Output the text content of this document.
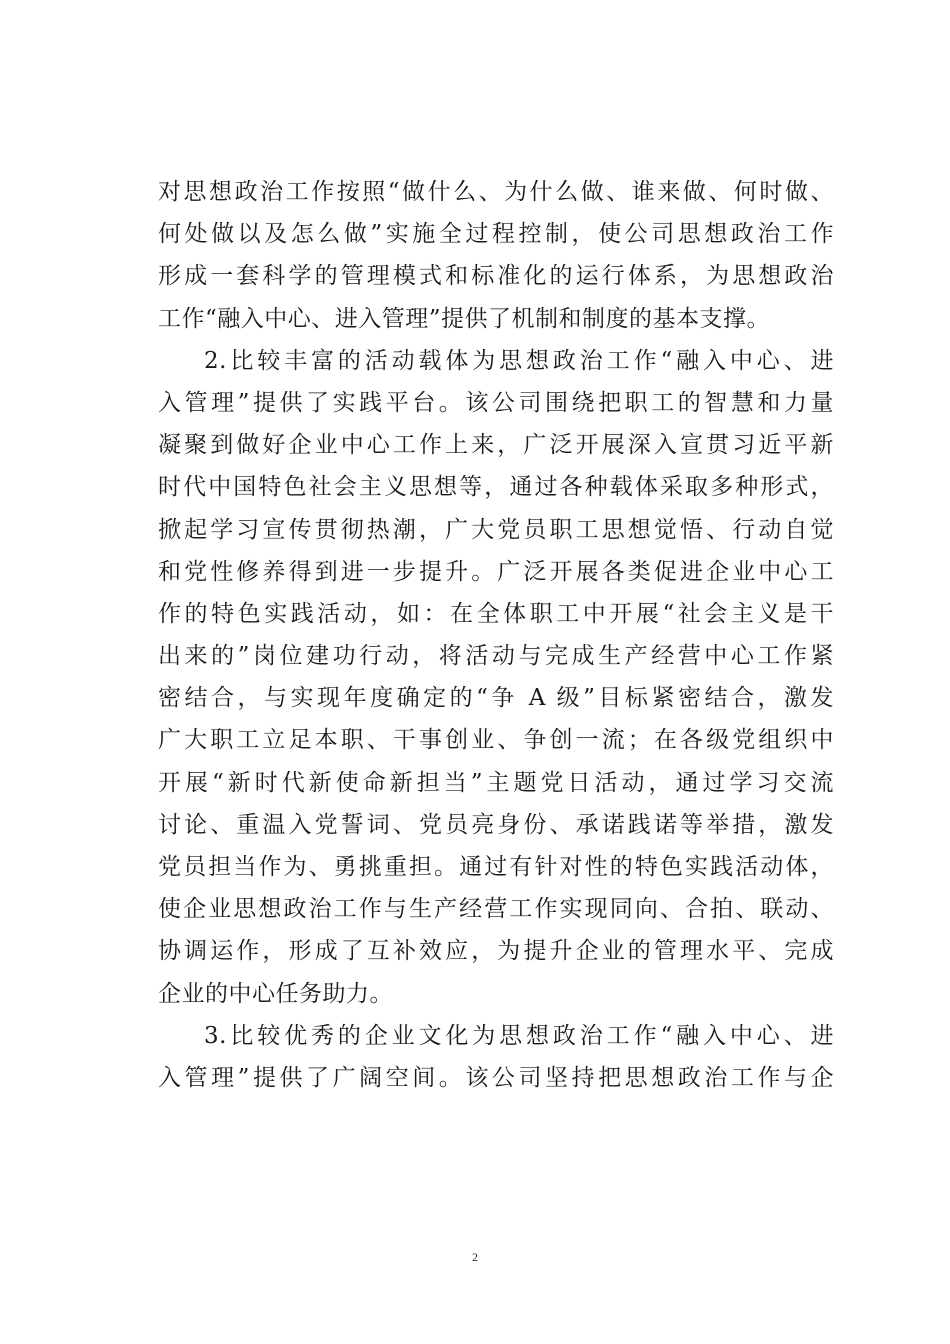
对思想政治工作按照“做什么、为什么做、谁来做、何时做、
何处做以及怎么做”实施全过程控制，使公司思想政治工作
形成一套科学的管理模式和标准化的运行体系，为思想政治
工作“融入中心、进入管理”提供了机制和制度的基本支撑。
2.比较丰富的活动载体为思想政治工作“融入中心、进
入管理”提供了实践平台。该公司围绕把职工的智慧和力量
凝聚到做好企业中心工作上来，广泛开展深入宣贯习近平新
时代中国特色社会主义思想等，通过各种载体采取多种形式，
掀起学习宣传贯彻热潮，广大党员职工思想觉悟、行动自觉
和党性修养得到进一步提升。广泛开展各类促进企业中心工
作的特色实践活动，如：在全体职工中开展“社会主义是干
出来的”岗位建功行动，将活动与完成生产经营中心工作紧
密结合，与实现年度确定的“争 A 级”目标紧密结合，激发
广大职工立足本职、干事创业、争创一流；在各级党组织中
开展“新时代新使命新担当”主题党日活动，通过学习交流
讨论、重温入党誓词、党员亮身份、承诺践诺等举措，激发
党员担当作为、勇挑重担。通过有针对性的特色实践活动体，
使企业思想政治工作与生产经营工作实现同向、合拍、联动、
协调运作，形成了互补效应，为提升企业的管理水平、完成
企业的中心任务助力。
3.比较优秀的企业文化为思想政治工作“融入中心、进
入管理”提供了广阔空间。该公司坚持把思想政治工作与企
2
